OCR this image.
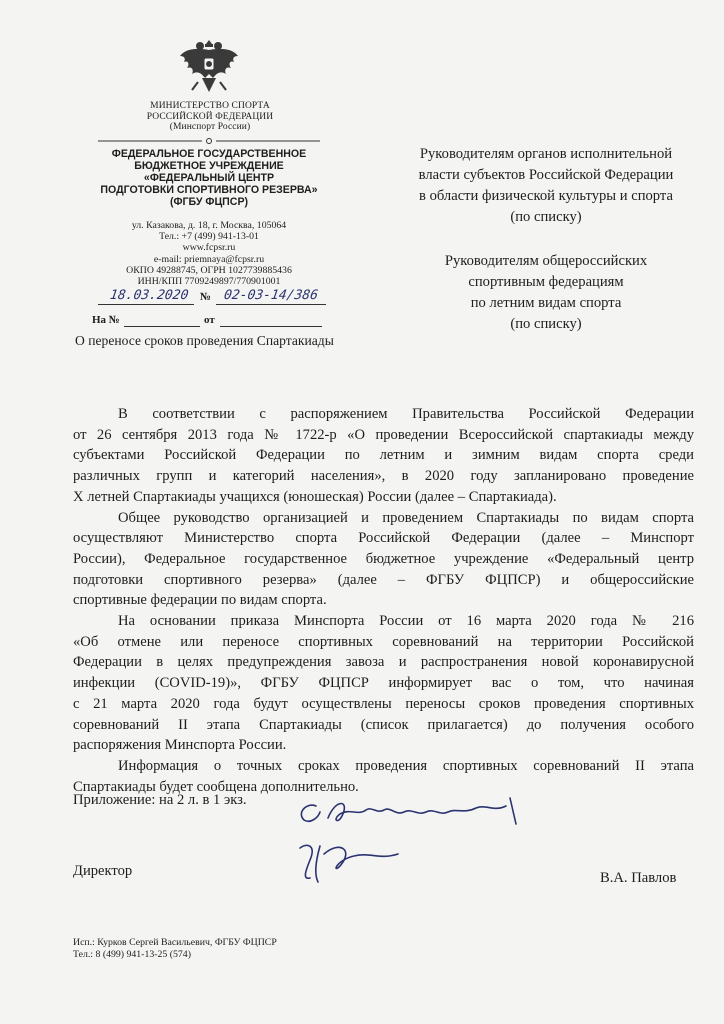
МИНИСТЕРСТВО СПОРТА
РОССИЙСКОЙ ФЕДЕРАЦИИ
(Минспорт России)
ФЕДЕРАЛЬНОЕ ГОСУДАРСТВЕННОЕ
БЮДЖЕТНОЕ УЧРЕЖДЕНИЕ
«ФЕДЕРАЛЬНЫЙ ЦЕНТР
ПОДГОТОВКИ СПОРТИВНОГО РЕЗЕРВА»
(ФГБУ ФЦПСР)
ул. Казакова, д. 18, г. Москва, 105064
Тел.: +7 (499) 941-13-01
www.fcpsr.ru
e-mail: priemnaya@fcpsr.ru
ОКПО 49288745, ОГРН 1027739885436
ИНН/КПП 7709249897/770901001
18.03.2020 № 02-03-14/386
На №	от
О переносе сроков проведения Спартакиады
Руководителям органов исполнительной
власти субъектов Российской Федерации
в области физической культуры и спорта
(по списку)
Руководителям общероссийских
спортивным федерациям
по летним видам спорта
(по списку)
В соответствии с распоряжением Правительства Российской Федерации
от 26 сентября 2013 года № 1722-р «О проведении Всероссийской спартакиады между
субъектами Российской Федерации по летним и зимним видам спорта среди
различных групп и категорий населения», в 2020 году запланировано проведение
X летней Спартакиады учащихся (юношеская) России (далее – Спартакиада).
Общее руководство организацией и проведением Спартакиады по видам спорта
осуществляют Министерство спорта Российской Федерации (далее – Минспорт
России), Федеральное государственное бюджетное учреждение «Федеральный центр
подготовки спортивного резерва» (далее – ФГБУ ФЦПСР) и общероссийские
спортивные федерации по видам спорта.
На основании приказа Минспорта России от 16 марта 2020 года № 216
«Об отмене или переносе спортивных соревнований на территории Российской
Федерации в целях предупреждения завоза и распространения новой коронавирусной
инфекции (COVID-19)», ФГБУ ФЦПСР информирует вас о том, что начиная
с 21 марта 2020 года будут осуществлены переносы сроков проведения спортивных
соревнований II этапа Спартакиады (список прилагается) до получения особого
распоряжения Минспорта России.
Информация о точных сроках проведения спортивных соревнований II этапа
Спартакиады будет сообщена дополнительно.
Приложение: на 2 л. в 1 экз.
Директор	В.А. Павлов
Исп.: Курков Сергей Васильевич, ФГБУ ФЦПСР
Тел.: 8 (499) 941-13-25 (574)
